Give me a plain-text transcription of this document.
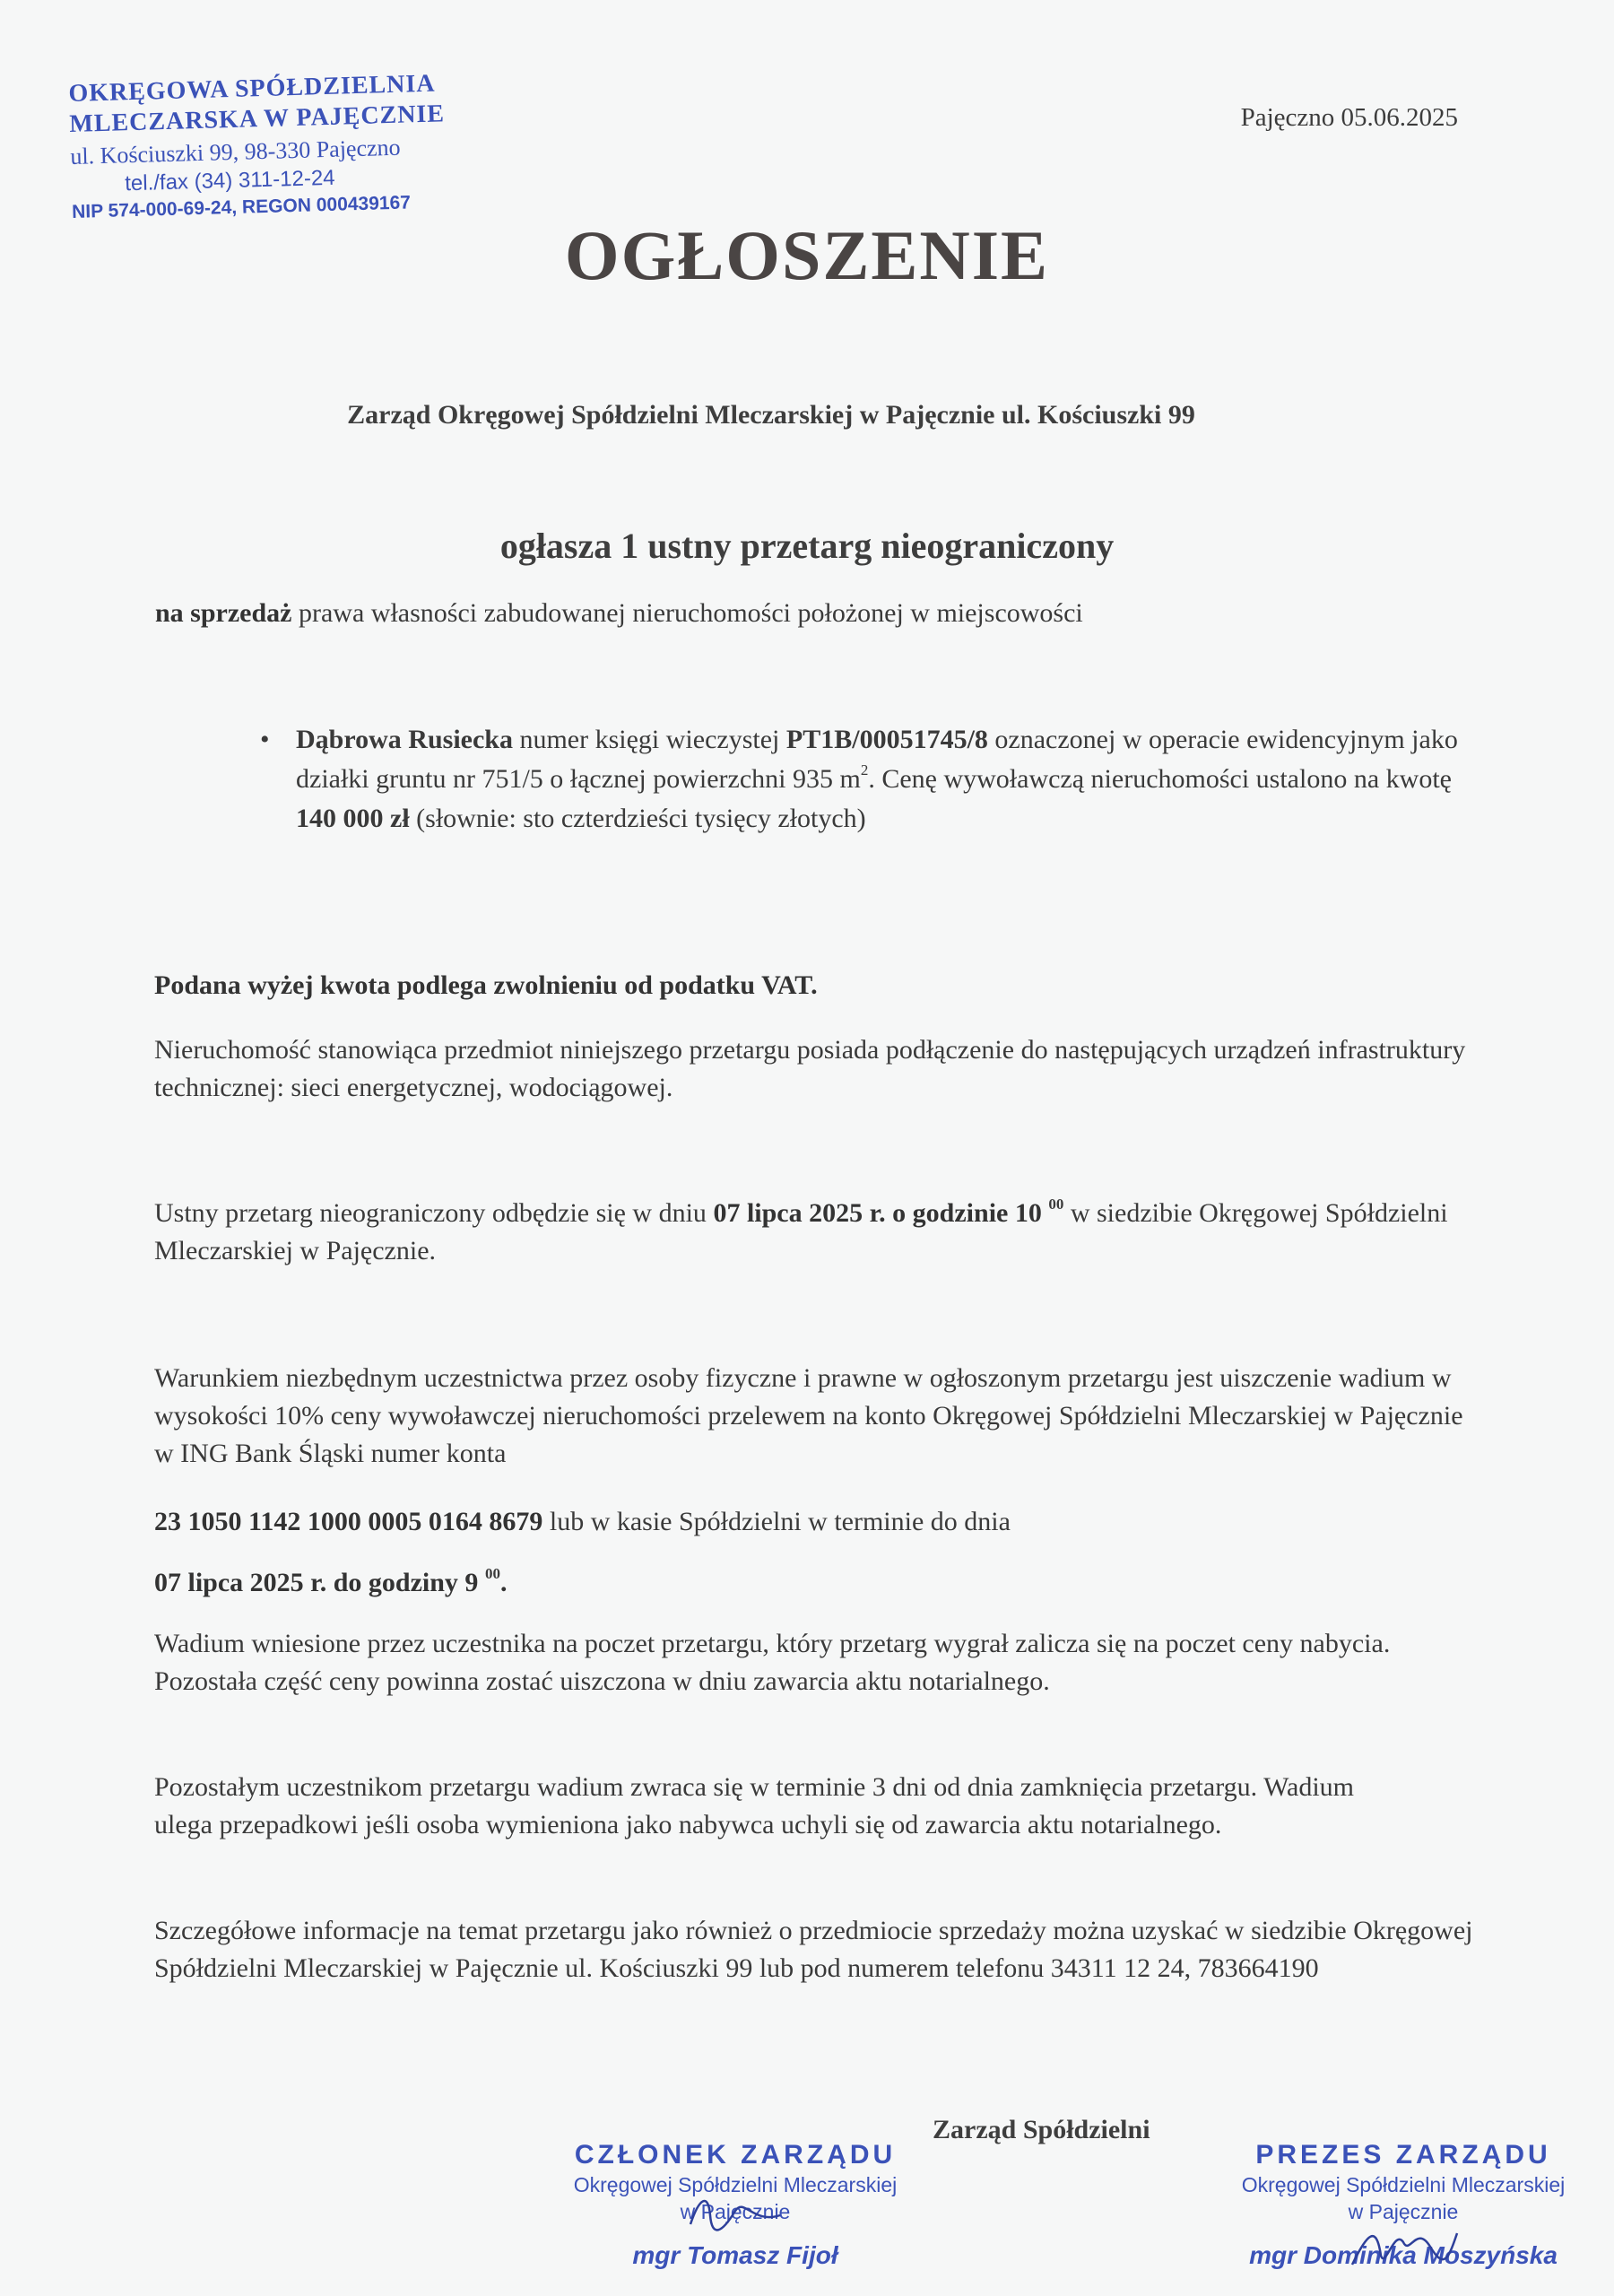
OKRĘGOWA SPÓŁDZIELNIA
MLECZARSKA W PAJĘCZNIE
ul. Kościuszki 99, 98-330 Pajęczno
tel./fax (34) 311-12-24
NIP 574-000-69-24, REGON 000439167
Pajęczno 05.06.2025
OGŁOSZENIE
Zarząd Okręgowej Spółdzielni Mleczarskiej w Pajęcznie ul. Kościuszki 99
ogłasza 1 ustny przetarg nieograniczony
na sprzedaż prawa własności zabudowanej nieruchomości położonej w miejscowości
• Dąbrowa Rusiecka numer księgi wieczystej PT1B/00051745/8 oznaczonej w operacie ewidencyjnym jako działki gruntu nr 751/5 o łącznej powierzchni 935 $m^2$. Cenę wywoławczą nieruchomości ustalono na kwotę 140 000 zł (słownie: sto czterdzieści tysięcy złotych)
Podana wyżej kwota podlega zwolnieniu od podatku VAT.
Nieruchomość stanowiąca przedmiot niniejszego przetargu posiada podłączenie do następujących urządzeń infrastruktury technicznej: sieci energetycznej, wodociągowej.
Ustny przetarg nieograniczony odbędzie się w dniu 07 lipca 2025 r. o godzinie 10 $^{00}$ w siedzibie Okręgowej Spółdzielni Mleczarskiej w Pajęcznie.
Warunkiem niezbędnym uczestnictwa przez osoby fizyczne i prawne w ogłoszonym przetargu jest uiszczenie wadium w wysokości 10% ceny wywoławczej nieruchomości przelewem na konto Okręgowej Spółdzielni Mleczarskiej w Pajęcznie w ING Bank Śląski numer konta
23 1050 1142 1000 0005 0164 8679 lub w kasie Spółdzielni w terminie do dnia
07 lipca 2025 r. do godziny 9 $^{00}$.
Wadium wniesione przez uczestnika na poczet przetargu, który przetarg wygrał zalicza się na poczet ceny nabycia. Pozostała część ceny powinna zostać uiszczona w dniu zawarcia aktu notarialnego.
Pozostałym uczestnikom przetargu wadium zwraca się w terminie 3 dni od dnia zamknięcia przetargu. Wadium ulega przepadkowi jeśli osoba wymieniona jako nabywca uchyli się od zawarcia aktu notarialnego.
Szczegółowe informacje na temat przetargu jako również o przedmiocie sprzedaży można uzyskać w siedzibie Okręgowej Spółdzielni Mleczarskiej w Pajęcznie ul. Kościuszki 99 lub pod numerem telefonu 34311 12 24, 783664190
Zarząd Spółdzielni
CZŁONEK ZARZĄDU
Okręgowej Spółdzielni Mleczarskiej
w Pajęcznie
mgr Tomasz Fijoł
PREZES ZARZĄDU
Okręgowej Spółdzielni Mleczarskiej
w Pajęcznie
mgr Dominika Moszyńska
